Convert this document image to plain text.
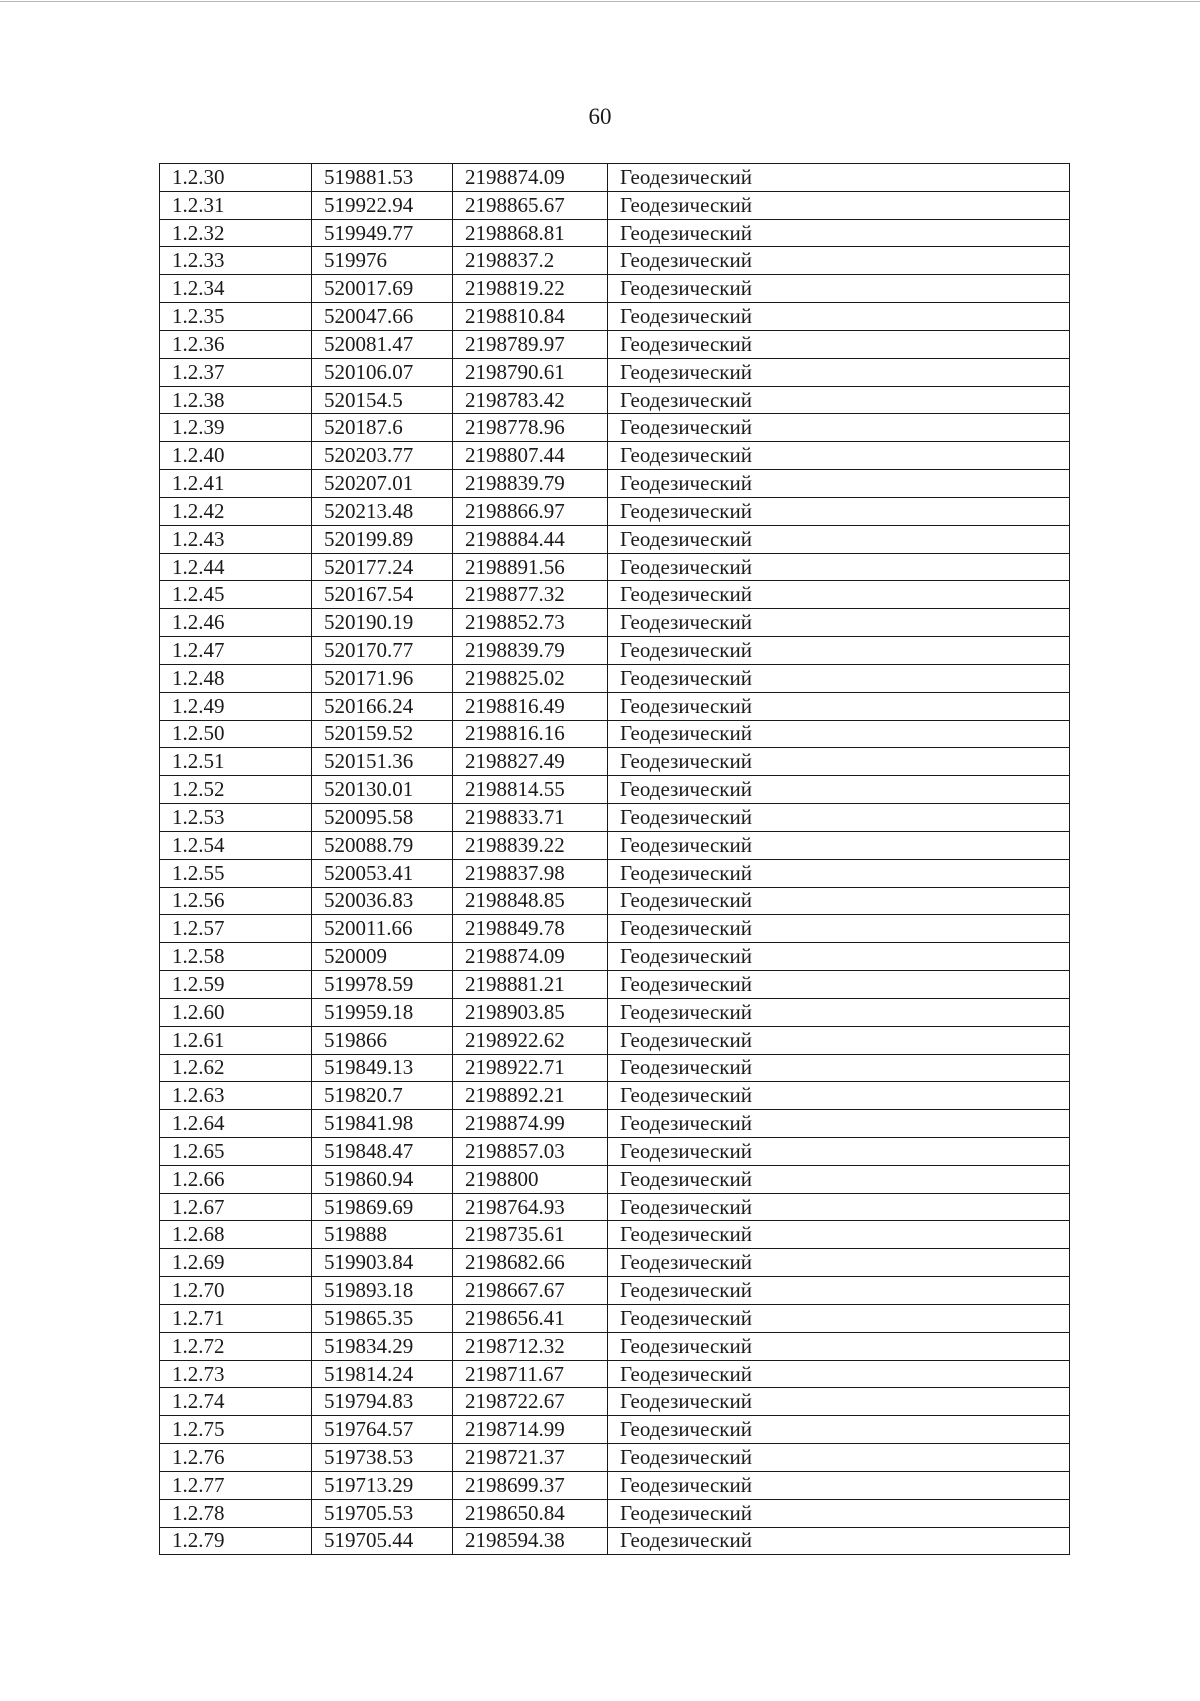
60
1.2.30	519881.53	2198874.09	Геодезический
1.2.31	519922.94	2198865.67	Геодезический
1.2.32	519949.77	2198868.81	Геодезический
1.2.33	519976	2198837.2	Геодезический
1.2.34	520017.69	2198819.22	Геодезический
1.2.35	520047.66	2198810.84	Геодезический
1.2.36	520081.47	2198789.97	Геодезический
1.2.37	520106.07	2198790.61	Геодезический
1.2.38	520154.5	2198783.42	Геодезический
1.2.39	520187.6	2198778.96	Геодезический
1.2.40	520203.77	2198807.44	Геодезический
1.2.41	520207.01	2198839.79	Геодезический
1.2.42	520213.48	2198866.97	Геодезический
1.2.43	520199.89	2198884.44	Геодезический
1.2.44	520177.24	2198891.56	Геодезический
1.2.45	520167.54	2198877.32	Геодезический
1.2.46	520190.19	2198852.73	Геодезический
1.2.47	520170.77	2198839.79	Геодезический
1.2.48	520171.96	2198825.02	Геодезический
1.2.49	520166.24	2198816.49	Геодезический
1.2.50	520159.52	2198816.16	Геодезический
1.2.51	520151.36	2198827.49	Геодезический
1.2.52	520130.01	2198814.55	Геодезический
1.2.53	520095.58	2198833.71	Геодезический
1.2.54	520088.79	2198839.22	Геодезический
1.2.55	520053.41	2198837.98	Геодезический
1.2.56	520036.83	2198848.85	Геодезический
1.2.57	520011.66	2198849.78	Геодезический
1.2.58	520009	2198874.09	Геодезический
1.2.59	519978.59	2198881.21	Геодезический
1.2.60	519959.18	2198903.85	Геодезический
1.2.61	519866	2198922.62	Геодезический
1.2.62	519849.13	2198922.71	Геодезический
1.2.63	519820.7	2198892.21	Геодезический
1.2.64	519841.98	2198874.99	Геодезический
1.2.65	519848.47	2198857.03	Геодезический
1.2.66	519860.94	2198800	Геодезический
1.2.67	519869.69	2198764.93	Геодезический
1.2.68	519888	2198735.61	Геодезический
1.2.69	519903.84	2198682.66	Геодезический
1.2.70	519893.18	2198667.67	Геодезический
1.2.71	519865.35	2198656.41	Геодезический
1.2.72	519834.29	2198712.32	Геодезический
1.2.73	519814.24	2198711.67	Геодезический
1.2.74	519794.83	2198722.67	Геодезический
1.2.75	519764.57	2198714.99	Геодезический
1.2.76	519738.53	2198721.37	Геодезический
1.2.77	519713.29	2198699.37	Геодезический
1.2.78	519705.53	2198650.84	Геодезический
1.2.79	519705.44	2198594.38	Геодезический
